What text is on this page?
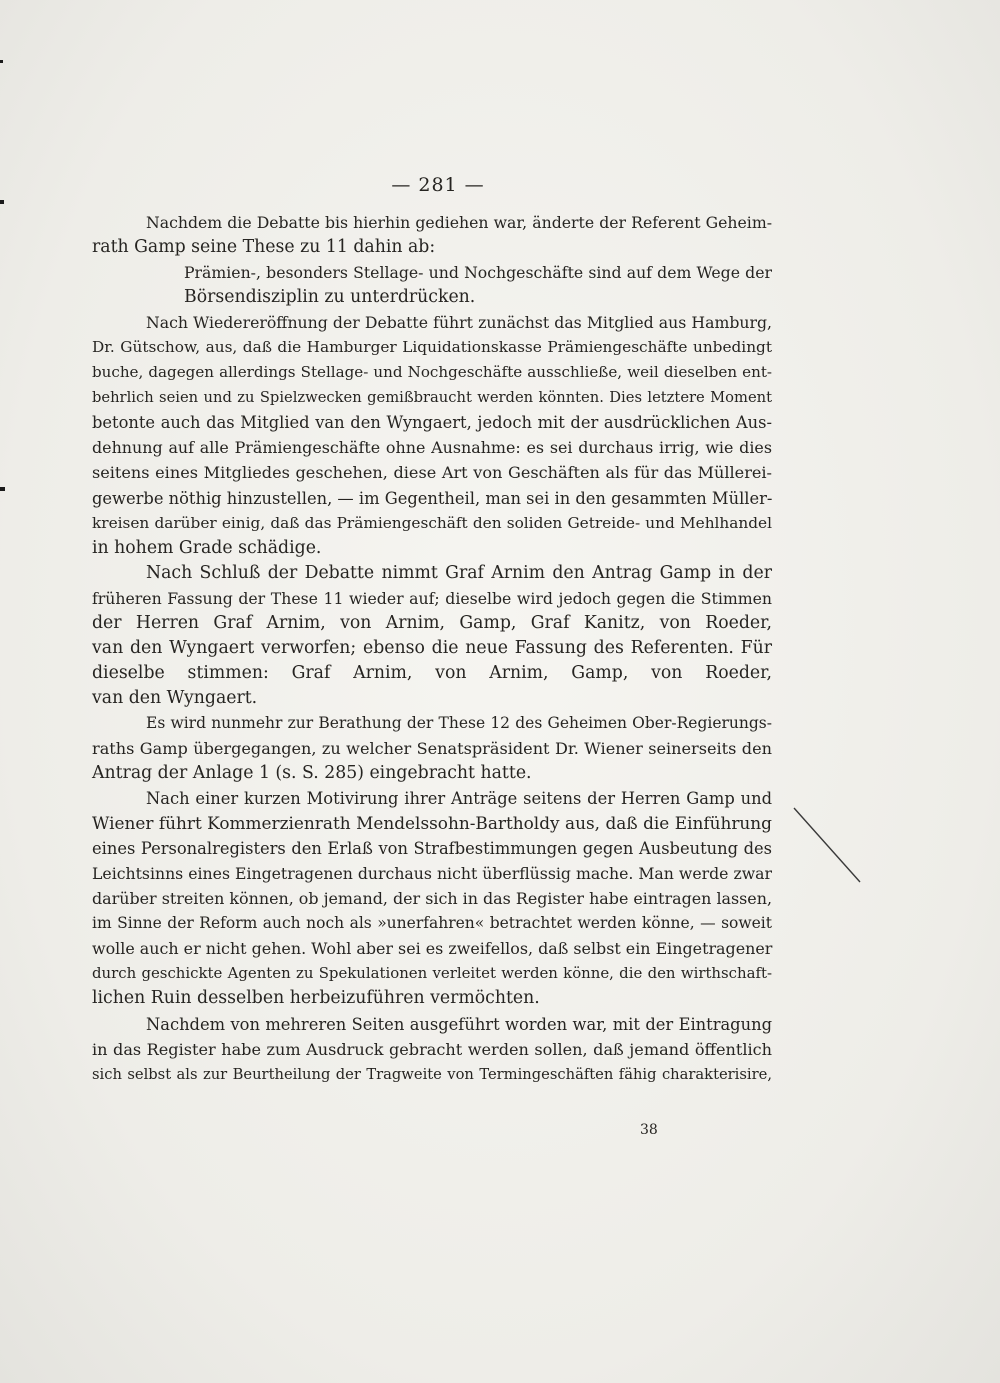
— 281 —
Nachdem die Debatte bis hierhin gediehen war, änderte der Referent Geheim-
rath Gamp seine These zu 11 dahin ab:
Prämien-, besonders Stellage- und Nochgeschäfte sind auf dem Wege der
Börsendisziplin zu unterdrücken.
Nach Wiedereröffnung der Debatte führt zunächst das Mitglied aus Hamburg,
Dr. Gütschow, aus, daß die Hamburger Liquidationskasse Prämiengeschäfte unbedingt
buche, dagegen allerdings Stellage- und Nochgeschäfte ausschließe, weil dieselben ent-
behrlich seien und zu Spielzwecken gemißbraucht werden könnten. Dies letztere Moment
betonte auch das Mitglied van den Wyngaert, jedoch mit der ausdrücklichen Aus-
dehnung auf alle Prämiengeschäfte ohne Ausnahme: es sei durchaus irrig, wie dies
seitens eines Mitgliedes geschehen, diese Art von Geschäften als für das Müllerei-
gewerbe nöthig hinzustellen, — im Gegentheil, man sei in den gesammten Müller-
kreisen darüber einig, daß das Prämiengeschäft den soliden Getreide- und Mehlhandel
in hohem Grade schädige.
Nach Schluß der Debatte nimmt Graf Arnim den Antrag Gamp in der
früheren Fassung der These 11 wieder auf; dieselbe wird jedoch gegen die Stimmen
der Herren Graf Arnim, von Arnim, Gamp, Graf Kanitz, von Roeder,
van den Wyngaert verworfen; ebenso die neue Fassung des Referenten. Für
dieselbe stimmen: Graf Arnim, von Arnim, Gamp, von Roeder,
van den Wyngaert.
Es wird nunmehr zur Berathung der These 12 des Geheimen Ober-Regierungs-
raths Gamp übergegangen, zu welcher Senatspräsident Dr. Wiener seinerseits den
Antrag der Anlage 1 (s. S. 285) eingebracht hatte.
Nach einer kurzen Motivirung ihrer Anträge seitens der Herren Gamp und
Wiener führt Kommerzienrath Mendelssohn-Bartholdy aus, daß die Einführung
eines Personalregisters den Erlaß von Strafbestimmungen gegen Ausbeutung des
Leichtsinns eines Eingetragenen durchaus nicht überflüssig mache. Man werde zwar
darüber streiten können, ob jemand, der sich in das Register habe eintragen lassen,
im Sinne der Reform auch noch als »unerfahren« betrachtet werden könne, — soweit
wolle auch er nicht gehen. Wohl aber sei es zweifellos, daß selbst ein Eingetragener
durch geschickte Agenten zu Spekulationen verleitet werden könne, die den wirthschaft-
lichen Ruin desselben herbeizuführen vermöchten.
Nachdem von mehreren Seiten ausgeführt worden war, mit der Eintragung
in das Register habe zum Ausdruck gebracht werden sollen, daß jemand öffentlich
sich selbst als zur Beurtheilung der Tragweite von Termingeschäften fähig charakterisire,
38
